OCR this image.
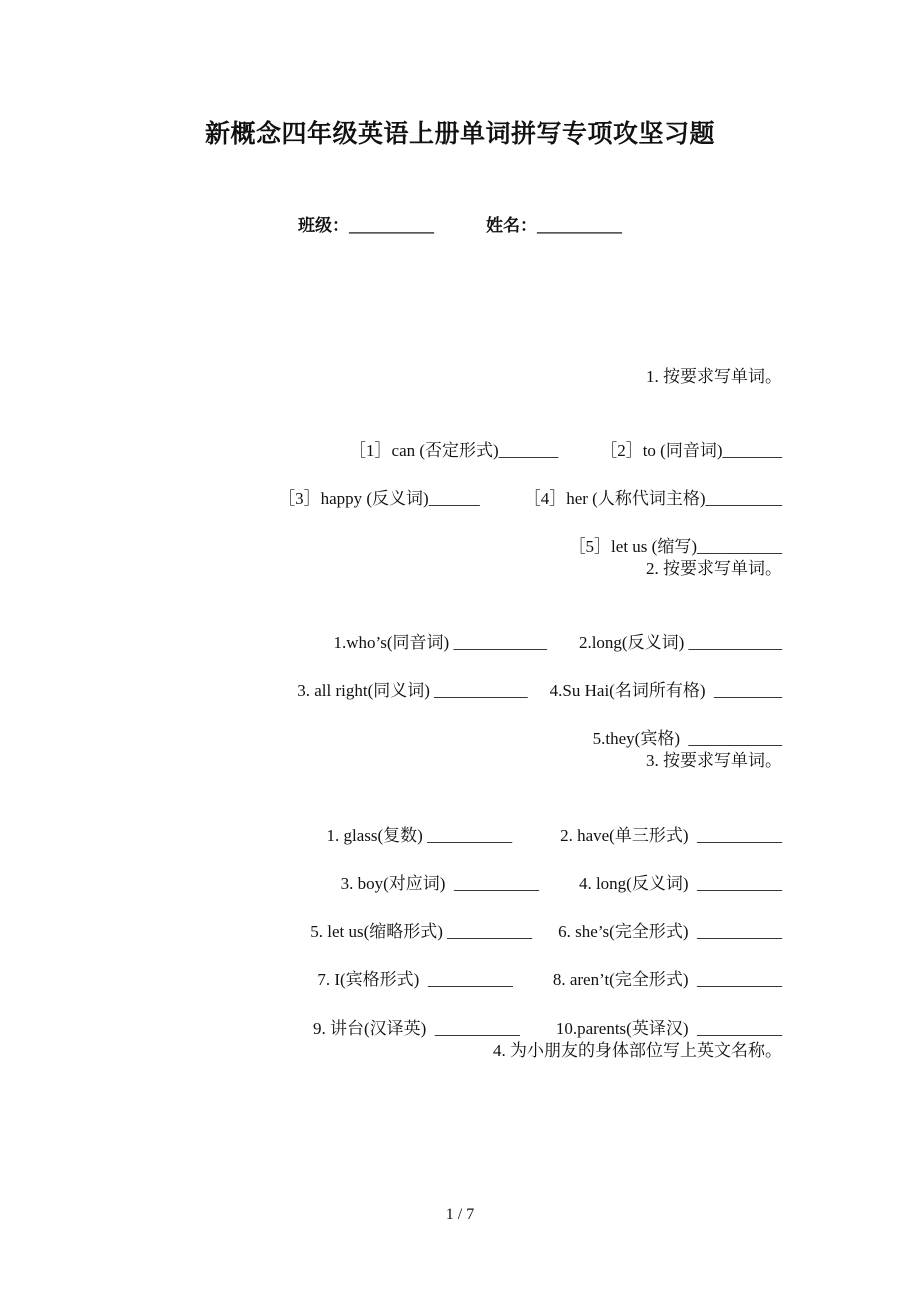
新概念四年级英语上册单词拼写专项攻坚习题
班级：__________	姓名：__________
1. 按要求写单词。

［1］can (否定形式)_______ ［2］to (同音词)_______

［3］happy (反义词)______	［4］her (人称代词主格)_________

［5］let us (缩写)__________

2. 按要求写单词。

1.who’s(同音词) ___________ 2.long(反义词) ___________

3. all right(同义词) ___________ 4.Su Hai(名词所有格)  ________

5.they(宾格)  ___________

3. 按要求写单词。

1. glass(复数) __________	2. have(单三形式)  __________

3. boy(对应词)  __________ 4. long(反义词)  __________

5. let us(缩略形式) __________ 6. she’s(完全形式)  __________

7. I(宾格形式)  __________ 8. aren’t(完全形式)  __________

9. 讲台(汉译英)  __________ 10.parents(英译汉)  __________

4. 为小朋友的身体部位写上英文名称。
1 / 7
